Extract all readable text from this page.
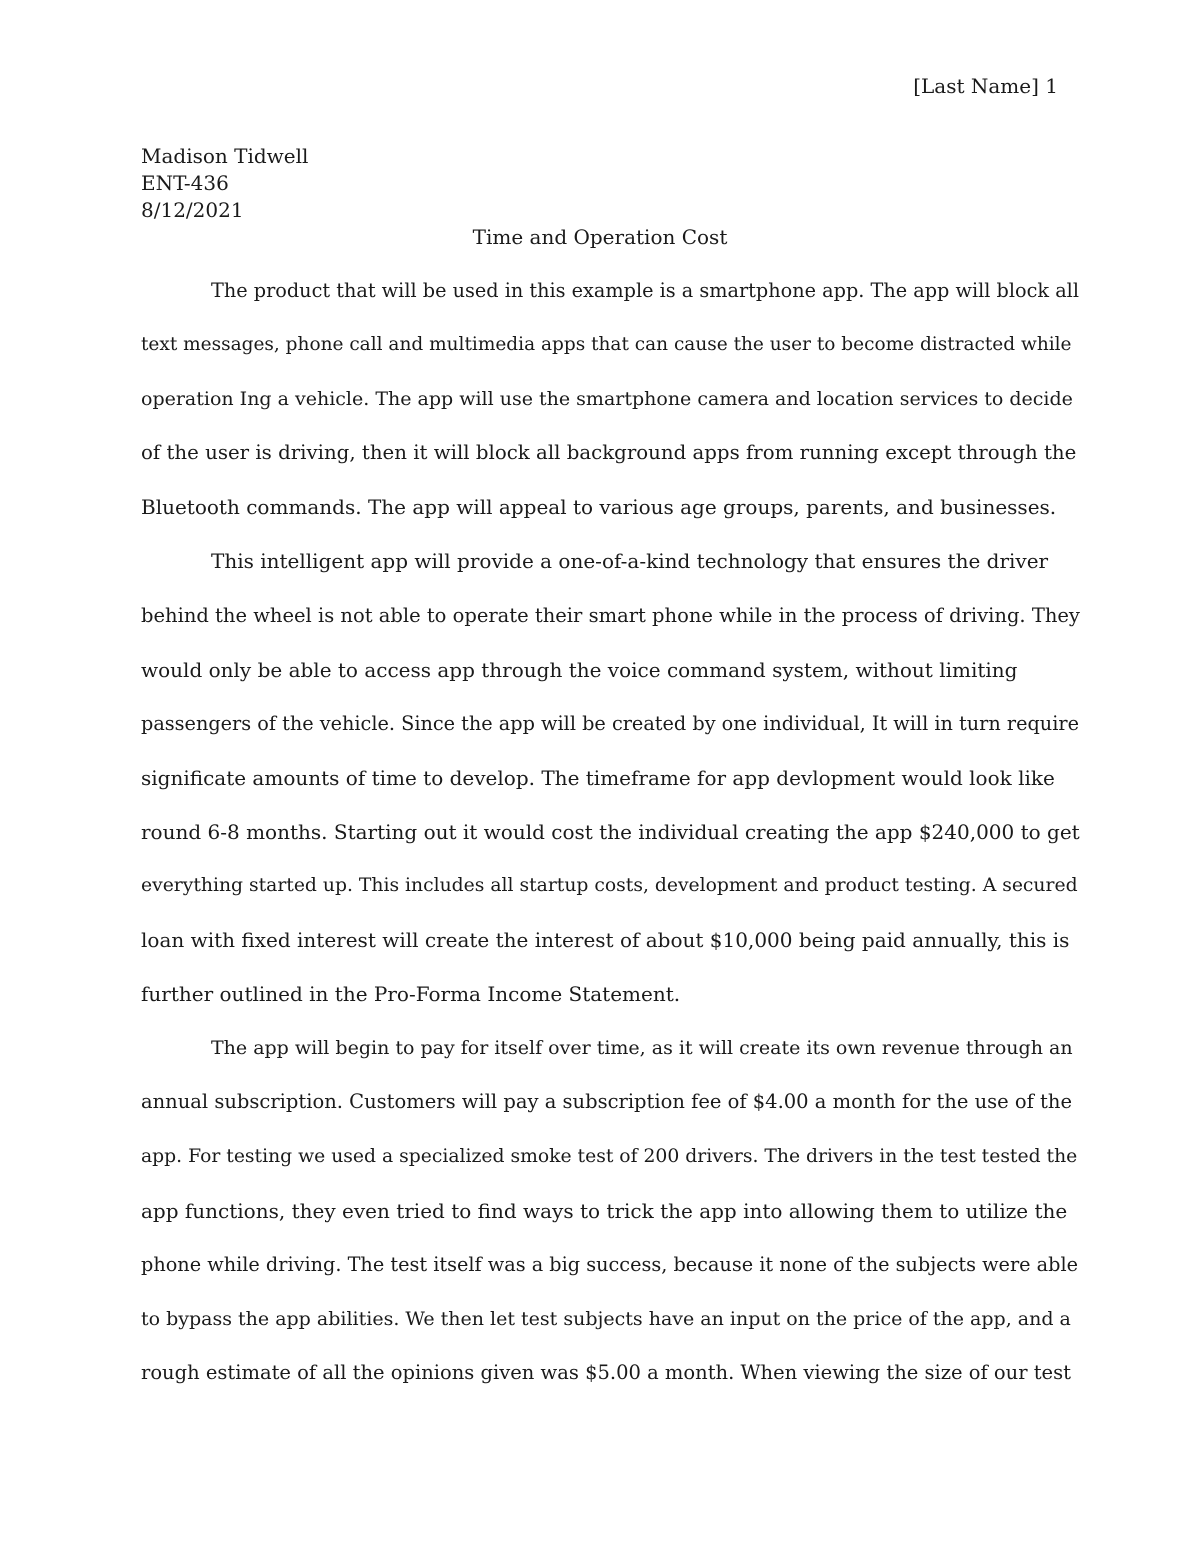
[Last Name] 1
Madison Tidwell
ENT-436
8/12/2021
Time and Operation Cost
The product that will be used in this example is a smartphone app. The app will block all
text messages, phone call and multimedia apps that can cause the user to become distracted while
operation Ing a vehicle. The app will use the smartphone camera and location services to decide
of the user is driving, then it will block all background apps from running except through the
Bluetooth commands. The app will appeal to various age groups, parents, and businesses.
This intelligent app will provide a one-of-a-kind technology that ensures the driver
behind the wheel is not able to operate their smart phone while in the process of driving. They
would only be able to access app through the voice command system, without limiting
passengers of the vehicle. Since the app will be created by one individual, It will in turn require
significate amounts of time to develop. The timeframe for app devlopment would look like
round 6-8 months. Starting out it would cost the individual creating the app $240,000 to get
everything started up. This includes all startup costs, development and product testing. A secured
loan with fixed interest will create the interest of about $10,000 being paid annually, this is
further outlined in the Pro-Forma Income Statement.
The app will begin to pay for itself over time, as it will create its own revenue through an
annual subscription. Customers will pay a subscription fee of $4.00 a month for the use of the
app. For testing we used a specialized smoke test of 200 drivers. The drivers in the test tested the
app functions, they even tried to find ways to trick the app into allowing them to utilize the
phone while driving. The test itself was a big success, because it none of the subjects were able
to bypass the app abilities. We then let test subjects have an input on the price of the app, and a
rough estimate of all the opinions given was $5.00 a month. When viewing the size of our test
